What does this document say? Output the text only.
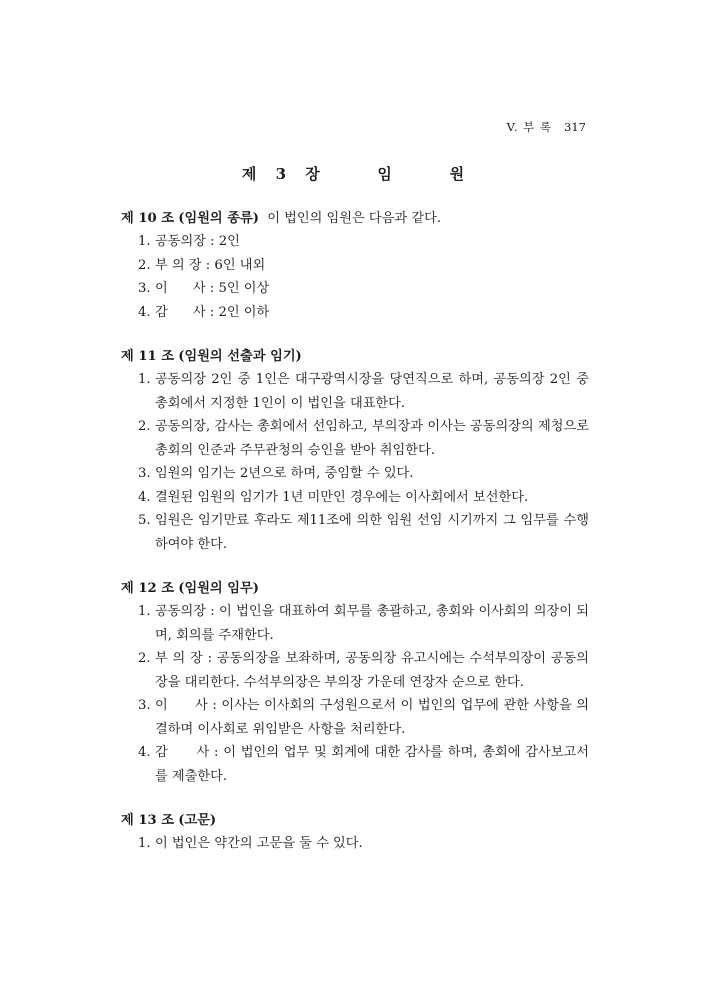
V. 부 록 317
제 3 장   임   원
제 10 조 (임원의 종류) 이 법인의 임원은 다음과 같다.
1. 공동의장 : 2인
2. 부 의 장 : 6인 내외
3. 이      사 : 5인 이상
4. 감      사 : 2인 이하
제 11 조 (임원의 선출과 임기)
1. 공동의장 2인 중 1인은 대구광역시장을 당연직으로 하며, 공동의장 2인 중 총회에서 지정한 1인이 이 법인을 대표한다.
2. 공동의장, 감사는 총회에서 선임하고, 부의장과 이사는 공동의장의 제청으로 총회의 인준과 주무관청의 승인을 받아 취임한다.
3. 임원의 임기는 2년으로 하며, 중임할 수 있다.
4. 결원된 임원의 임기가 1년 미만인 경우에는 이사회에서 보선한다.
5. 임원은 임기만료 후라도 제11조에 의한 임원 선임 시기까지 그 임무를 수행하여야 한다.
제 12 조 (임원의 임무)
1. 공동의장 : 이 법인을 대표하여 회무를 총괄하고, 총회와 이사회의 의장이 되며, 회의를 주재한다.
2. 부 의 장 : 공동의장을 보좌하며, 공동의장 유고시에는 수석부의장이 공동의장을 대리한다. 수석부의장은 부의장 가운데 연장자 순으로 한다.
3. 이      사 : 이사는 이사회의 구성원으로서 이 법인의 업무에 관한 사항을 의결하며 이사회로 위임받은 사항을 처리한다.
4. 감      사 : 이 법인의 업무 및 회계에 대한 감사를 하며, 총회에 감사보고서를 제출한다.
제 13 조 (고문)
1. 이 법인은 약간의 고문을 둘 수 있다.
